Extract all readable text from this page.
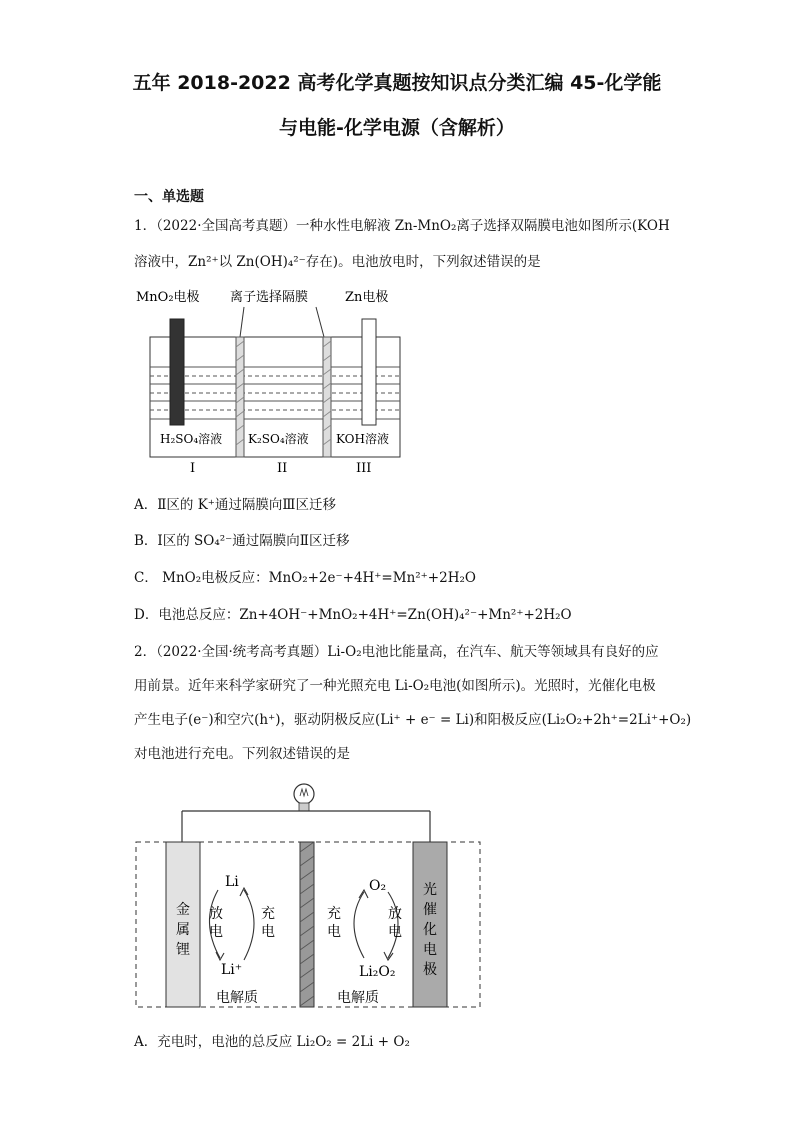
五年 2018-2022 高考化学真题按知识点分类汇编 45-化学能
与电能-化学电源（含解析）
一、单选题
1．（2022·全国高考真题）一种水性电解液 Zn-MnO₂离子选择双隔膜电池如图所示(KOH
溶液中，Zn²⁺以 Zn(OH)₄²⁻存在)。电池放电时，下列叙述错误的是
MnO₂电极 离子选择隔膜	Zn电极
H₂SO₄溶液 K₂SO₄溶液 KOH溶液
I	II	III
A．Ⅱ区的 K⁺通过隔膜向Ⅲ区迁移
B．Ⅰ区的 SO₄²⁻通过隔膜向Ⅱ区迁移
C． MnO₂电极反应：MnO₂+2e⁻+4H⁺=Mn²⁺+2H₂O
D．电池总反应：Zn+4OH⁻+MnO₂+4H⁺=Zn(OH)₄²⁻+Mn²⁺+2H₂O
2．（2022·全国·统考高考真题）Li-O₂电池比能量高，在汽车、航天等领域具有良好的应
用前景。近年来科学家研究了一种光照充电 Li-O₂电池(如图所示)。光照时，光催化电极
产生电子(e⁻)和空穴(h⁺)，驱动阴极反应(Li⁺ + e⁻ = Li)和阳极反应(Li₂O₂+2h⁺=2Li⁺+O₂)
对电池进行充电。下列叙述错误的是
金
属
锂
光
催
化
电
极
Li
Li⁺
放
电
充
电
O₂
Li₂O₂
充
电
放
电
电解质	电解质
A．充电时，电池的总反应 Li₂O₂ = 2Li + O₂
